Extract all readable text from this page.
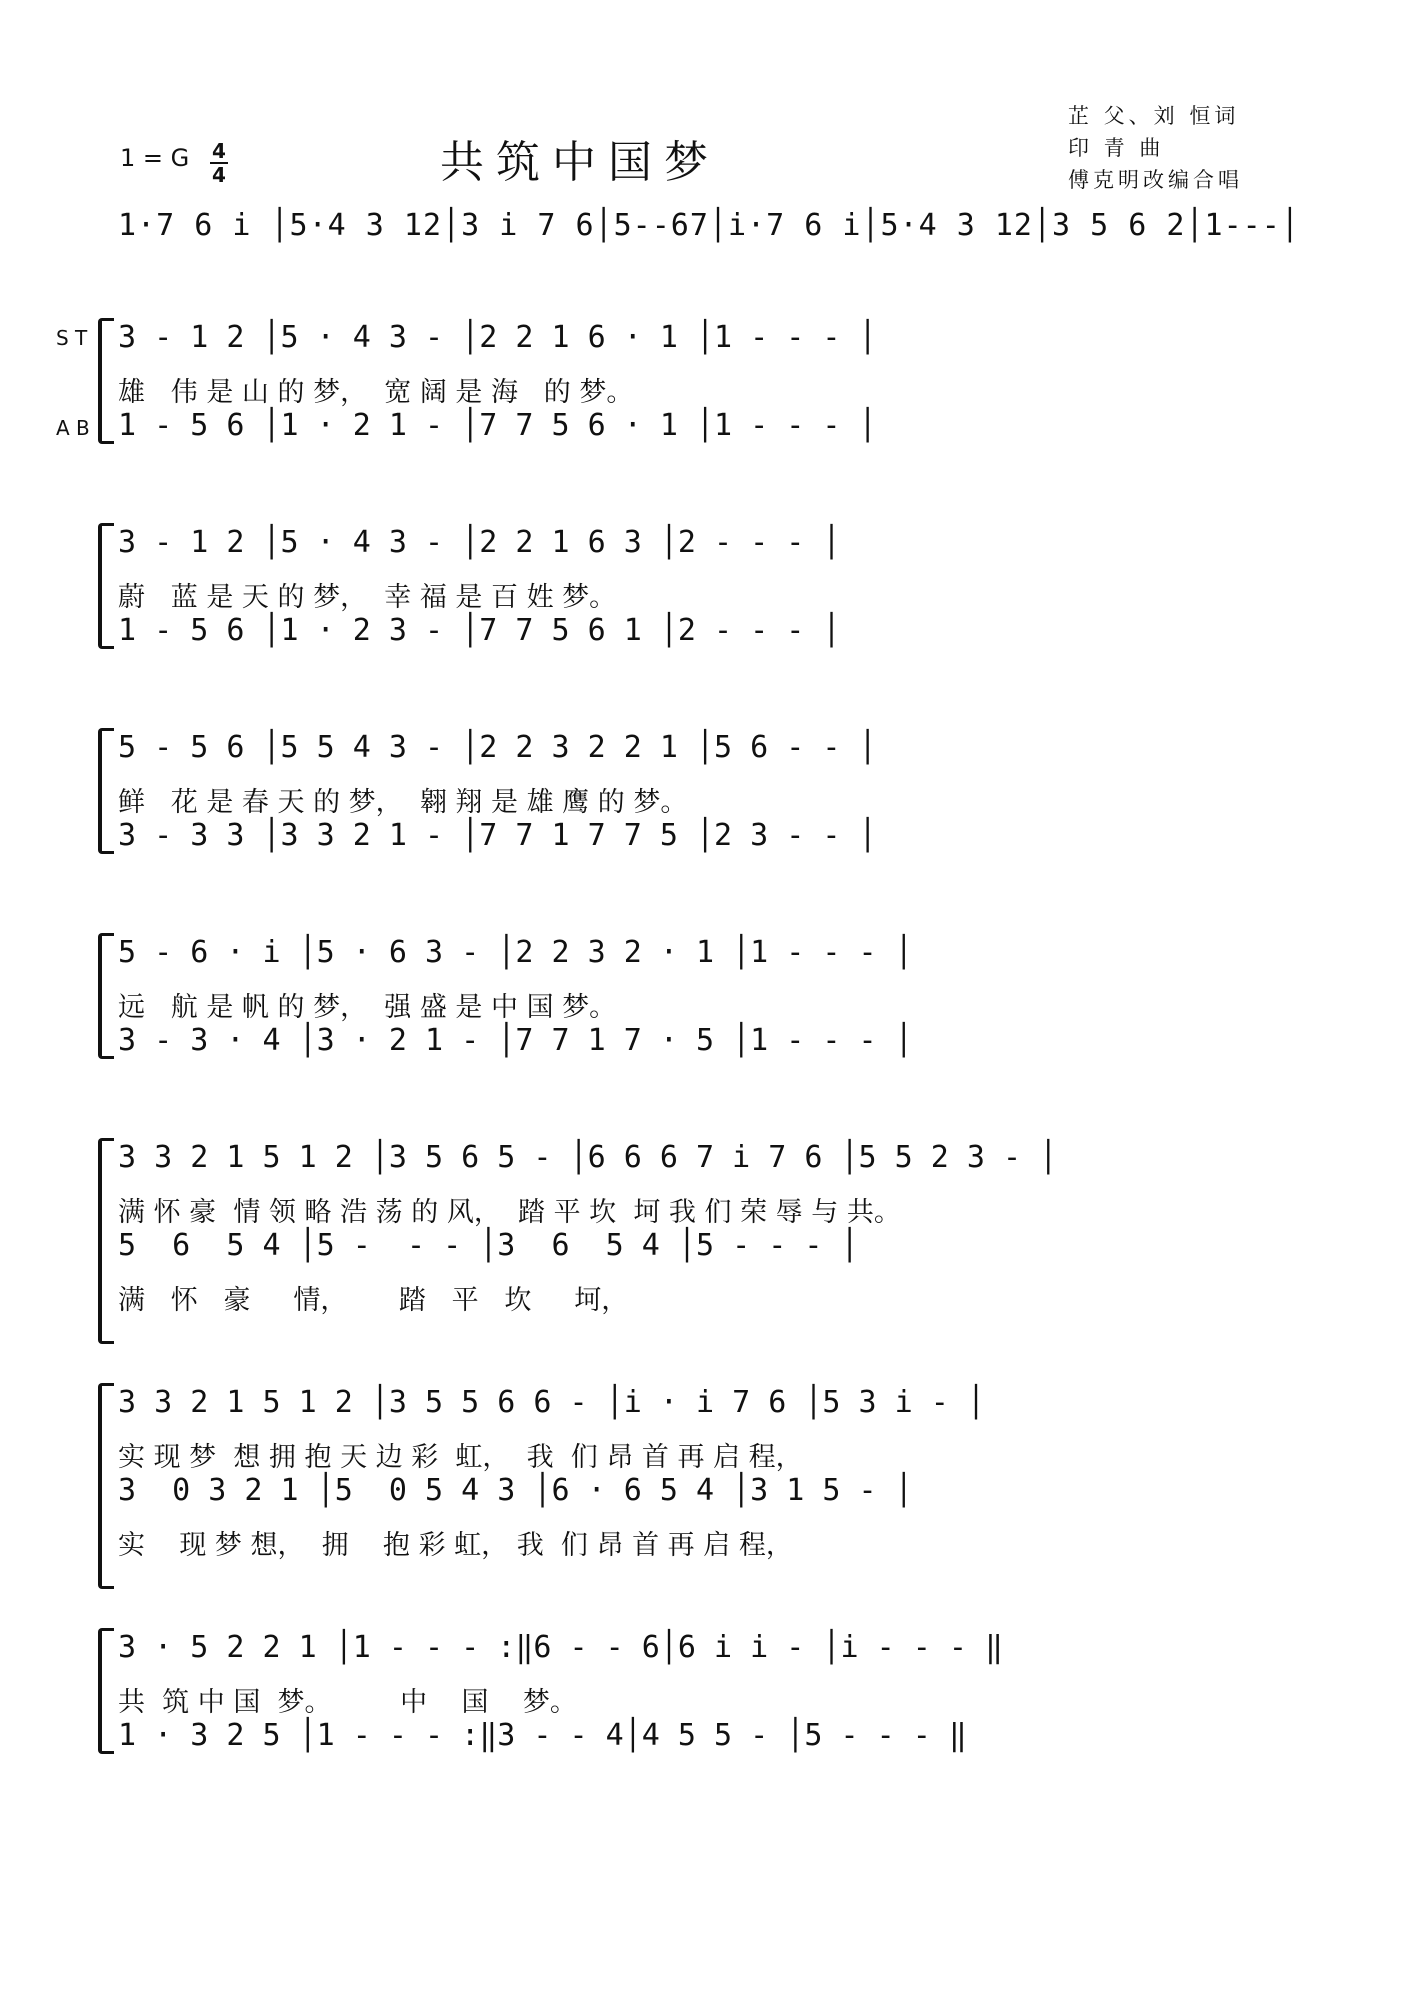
1 = G 4
4	共筑中国梦
芷 父、刘 恒词
印 青 曲
傅克明改编合唱
1·7 6 i │5·4 3 12│3 i 7 6│5--67│i·7 6 i│5·4 3 12│3 5 6 2│1---│
S T
A B
3 - 1 2 │5 · 4 3 - │2 2 1 6 · 1 │1 - - - │
雄   伟 是 山 的 梦，  宽 阔 是 海   的 梦。
1 - 5 6 │1 · 2 1 - │7 7 5 6 · 1 │1 - - - │
3 - 1 2 │5 · 4 3 - │2 2 1 6 3 │2 - - - │
蔚   蓝 是 天 的 梦，  幸 福 是 百 姓 梦。
1 - 5 6 │1 · 2 3 - │7 7 5 6 1 │2 - - - │
5 - 5 6 │5 5 4 3 - │2 2 3 2 2 1 │5 6 - - │
鲜   花 是 春 天 的 梦，  翱 翔 是 雄 鹰 的 梦。
3 - 3 3 │3 3 2 1 - │7 7 1 7 7 5 │2 3 - - │
5 - 6 · i │5 · 6 3 - │2 2 3 2 · 1 │1 - - - │
远   航 是 帆 的 梦，  强 盛 是 中 国 梦。
3 - 3 · 4 │3 · 2 1 - │7 7 1 7 · 5 │1 - - - │
3 3 2 1 5 1 2 │3 5 6 5 - │6 6 6 7 i 7 6 │5 5 2 3 - │
满 怀 豪  情 领 略 浩 荡 的 风，  踏 平 坎  坷 我 们 荣 辱 与 共。
5  6  5 4 │5 -  - - │3  6  5 4 │5 - - - │
满   怀   豪     情，      踏   平   坎     坷，
3 3 2 1 5 1 2 │3 5 5 6 6 - │i · i 7 6 │5 3 i - │
实 现 梦  想 拥 抱 天 边 彩  虹，  我  们 昂 首 再 启 程，
3  0 3 2 1 │5  0 5 4 3 │6 · 6 5 4 │3 1 5 - │
实    现 梦 想，  拥    抱 彩 虹， 我  们 昂 首 再 启 程，
3 · 5 2 2 1 │1 - - - :‖6 - - 6│6 i i - │i - - - ‖
共  筑 中 国  梦。        中    国    梦。
1 · 3 2 5 │1 - - - :‖3 - - 4│4 5 5 - │5 - - - ‖
